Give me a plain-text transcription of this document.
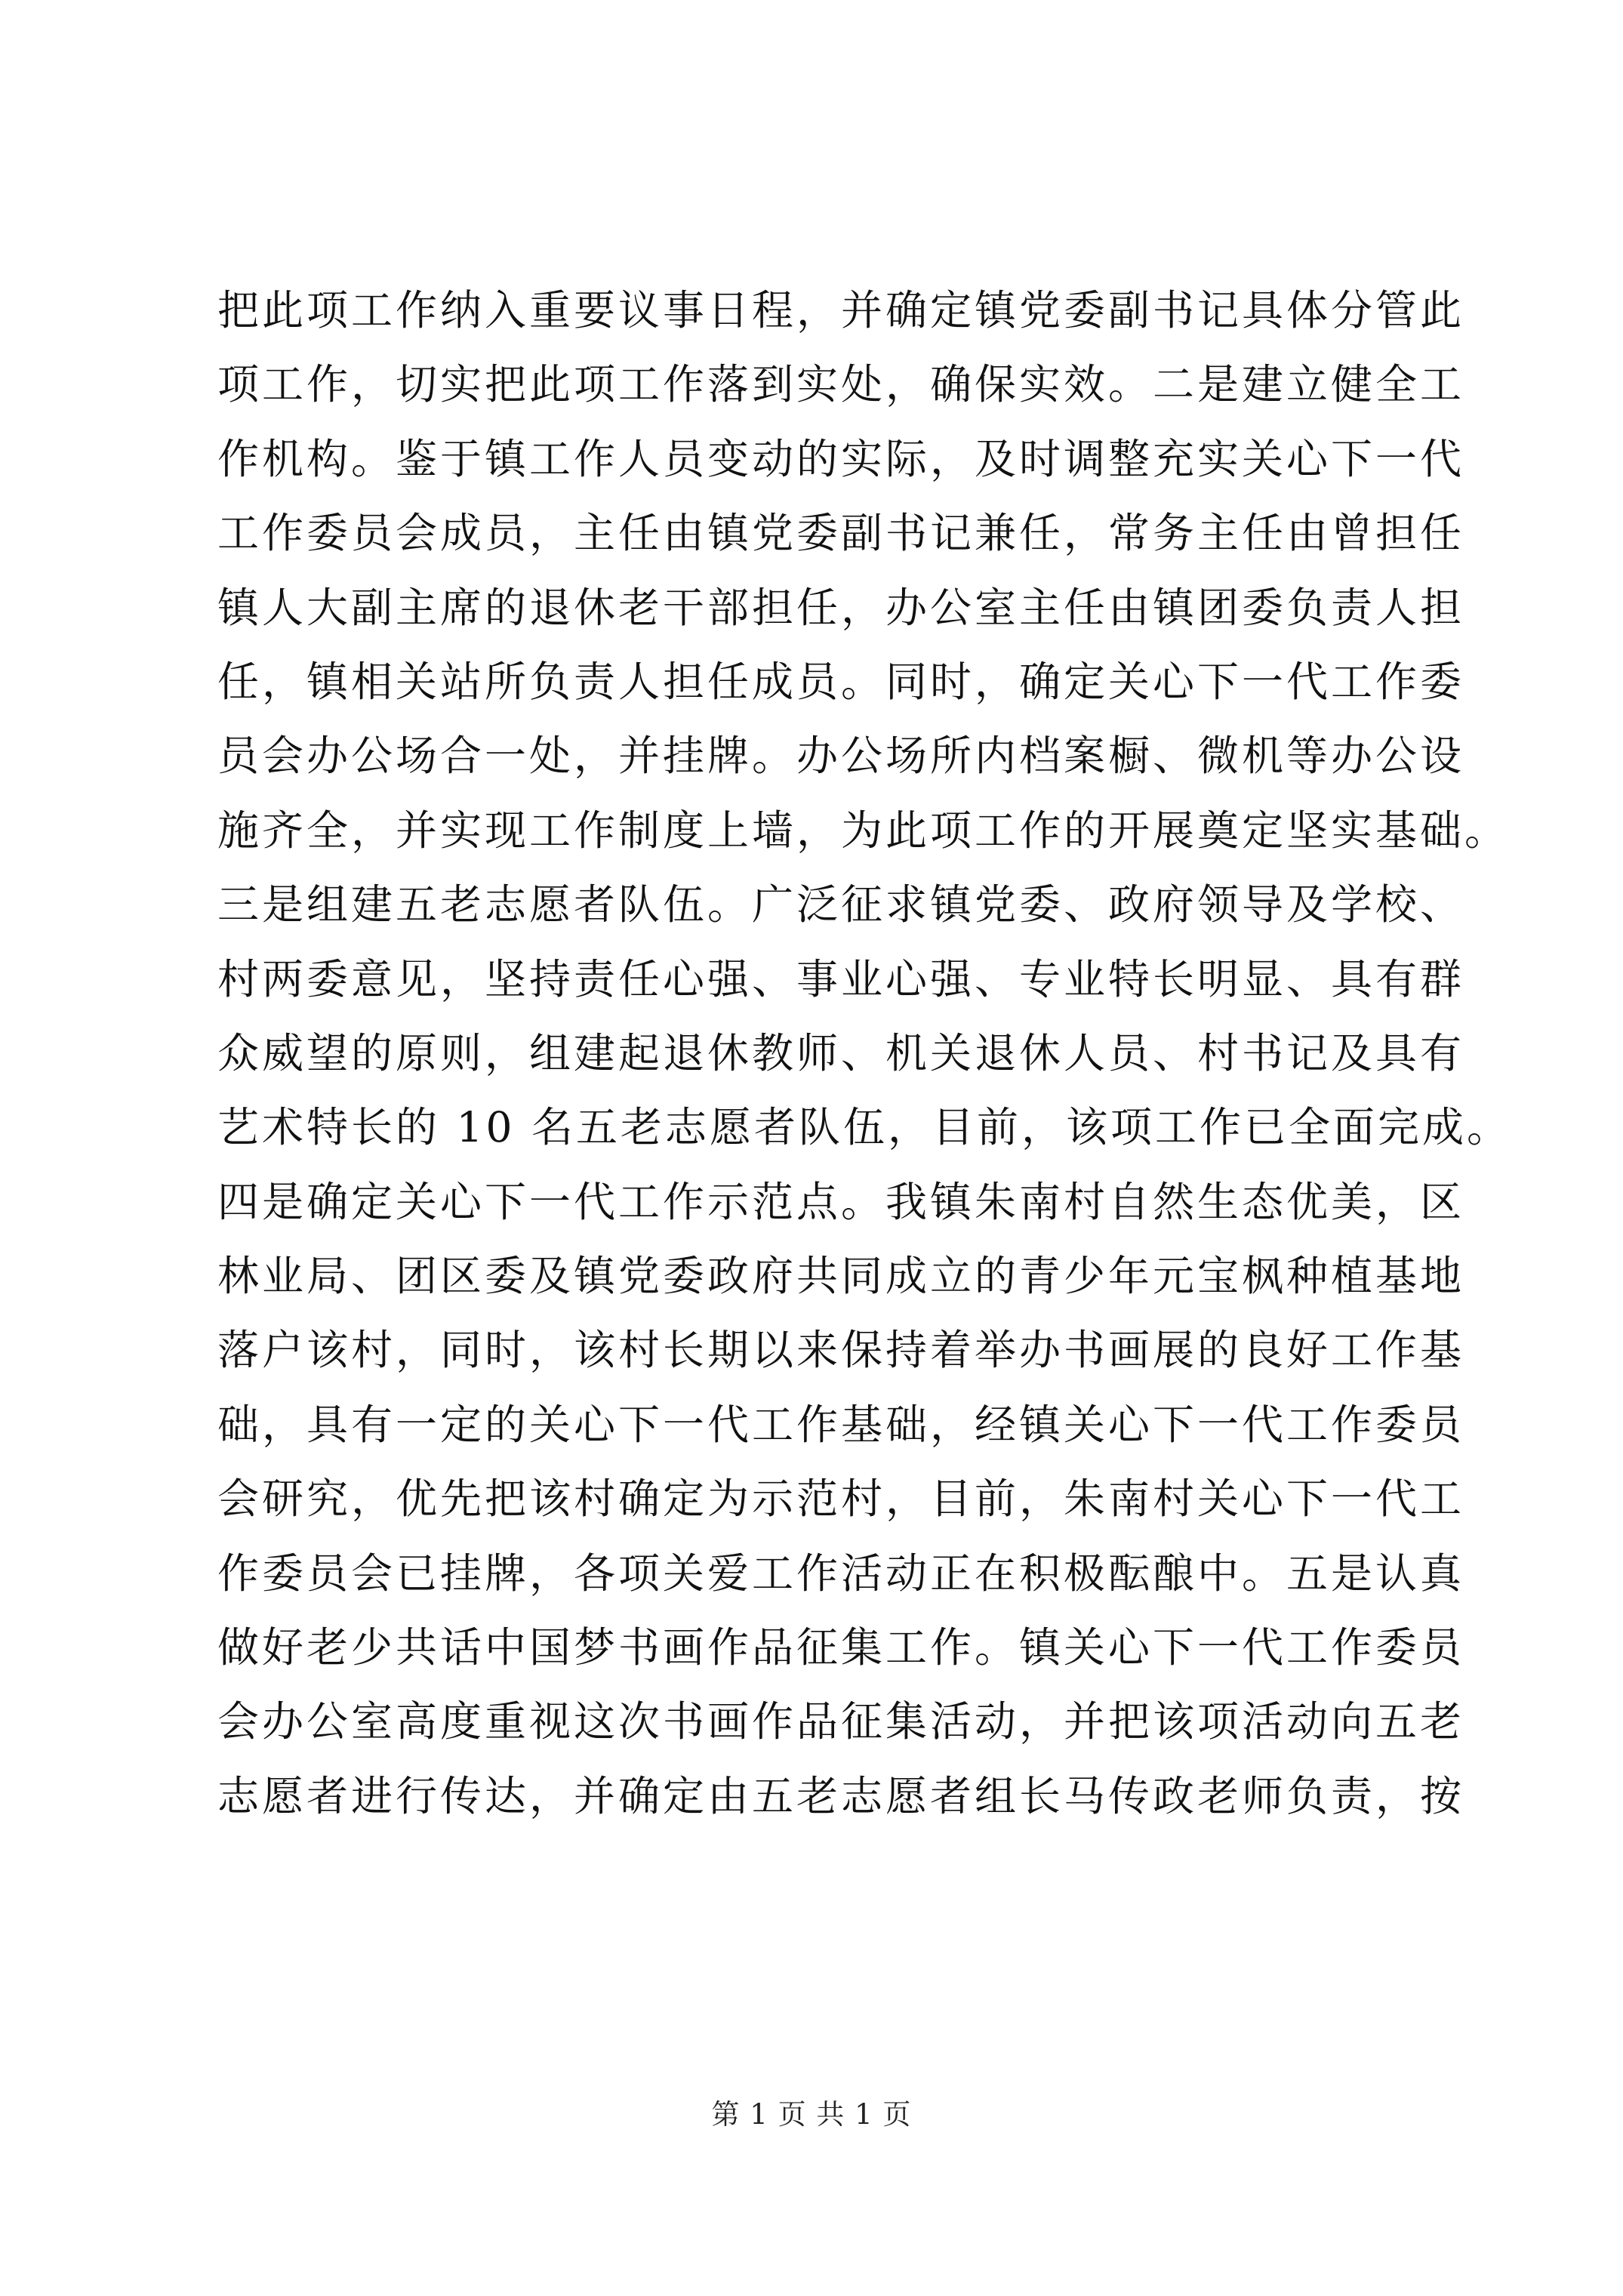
把此项工作纳入重要议事日程，并确定镇党委副书记具体分管此
项工作，切实把此项工作落到实处，确保实效。二是建立健全工
作机构。鉴于镇工作人员变动的实际，及时调整充实关心下一代
工作委员会成员，主任由镇党委副书记兼任，常务主任由曾担任
镇人大副主席的退休老干部担任，办公室主任由镇团委负责人担
任，镇相关站所负责人担任成员。同时，确定关心下一代工作委
员会办公场合一处，并挂牌。办公场所内档案橱、微机等办公设
施齐全，并实现工作制度上墙，为此项工作的开展奠定坚实基础。
三是组建五老志愿者队伍。广泛征求镇党委、政府领导及学校、
村两委意见，坚持责任心强、事业心强、专业特长明显、具有群
众威望的原则，组建起退休教师、机关退休人员、村书记及具有
艺术特长的 10 名五老志愿者队伍，目前，该项工作已全面完成。
四是确定关心下一代工作示范点。我镇朱南村自然生态优美，区
林业局、团区委及镇党委政府共同成立的青少年元宝枫种植基地
落户该村，同时，该村长期以来保持着举办书画展的良好工作基
础，具有一定的关心下一代工作基础，经镇关心下一代工作委员
会研究，优先把该村确定为示范村，目前，朱南村关心下一代工
作委员会已挂牌，各项关爱工作活动正在积极酝酿中。五是认真
做好老少共话中国梦书画作品征集工作。镇关心下一代工作委员
会办公室高度重视这次书画作品征集活动，并把该项活动向五老
志愿者进行传达，并确定由五老志愿者组长马传政老师负责，按
第 1 页 共 1 页
